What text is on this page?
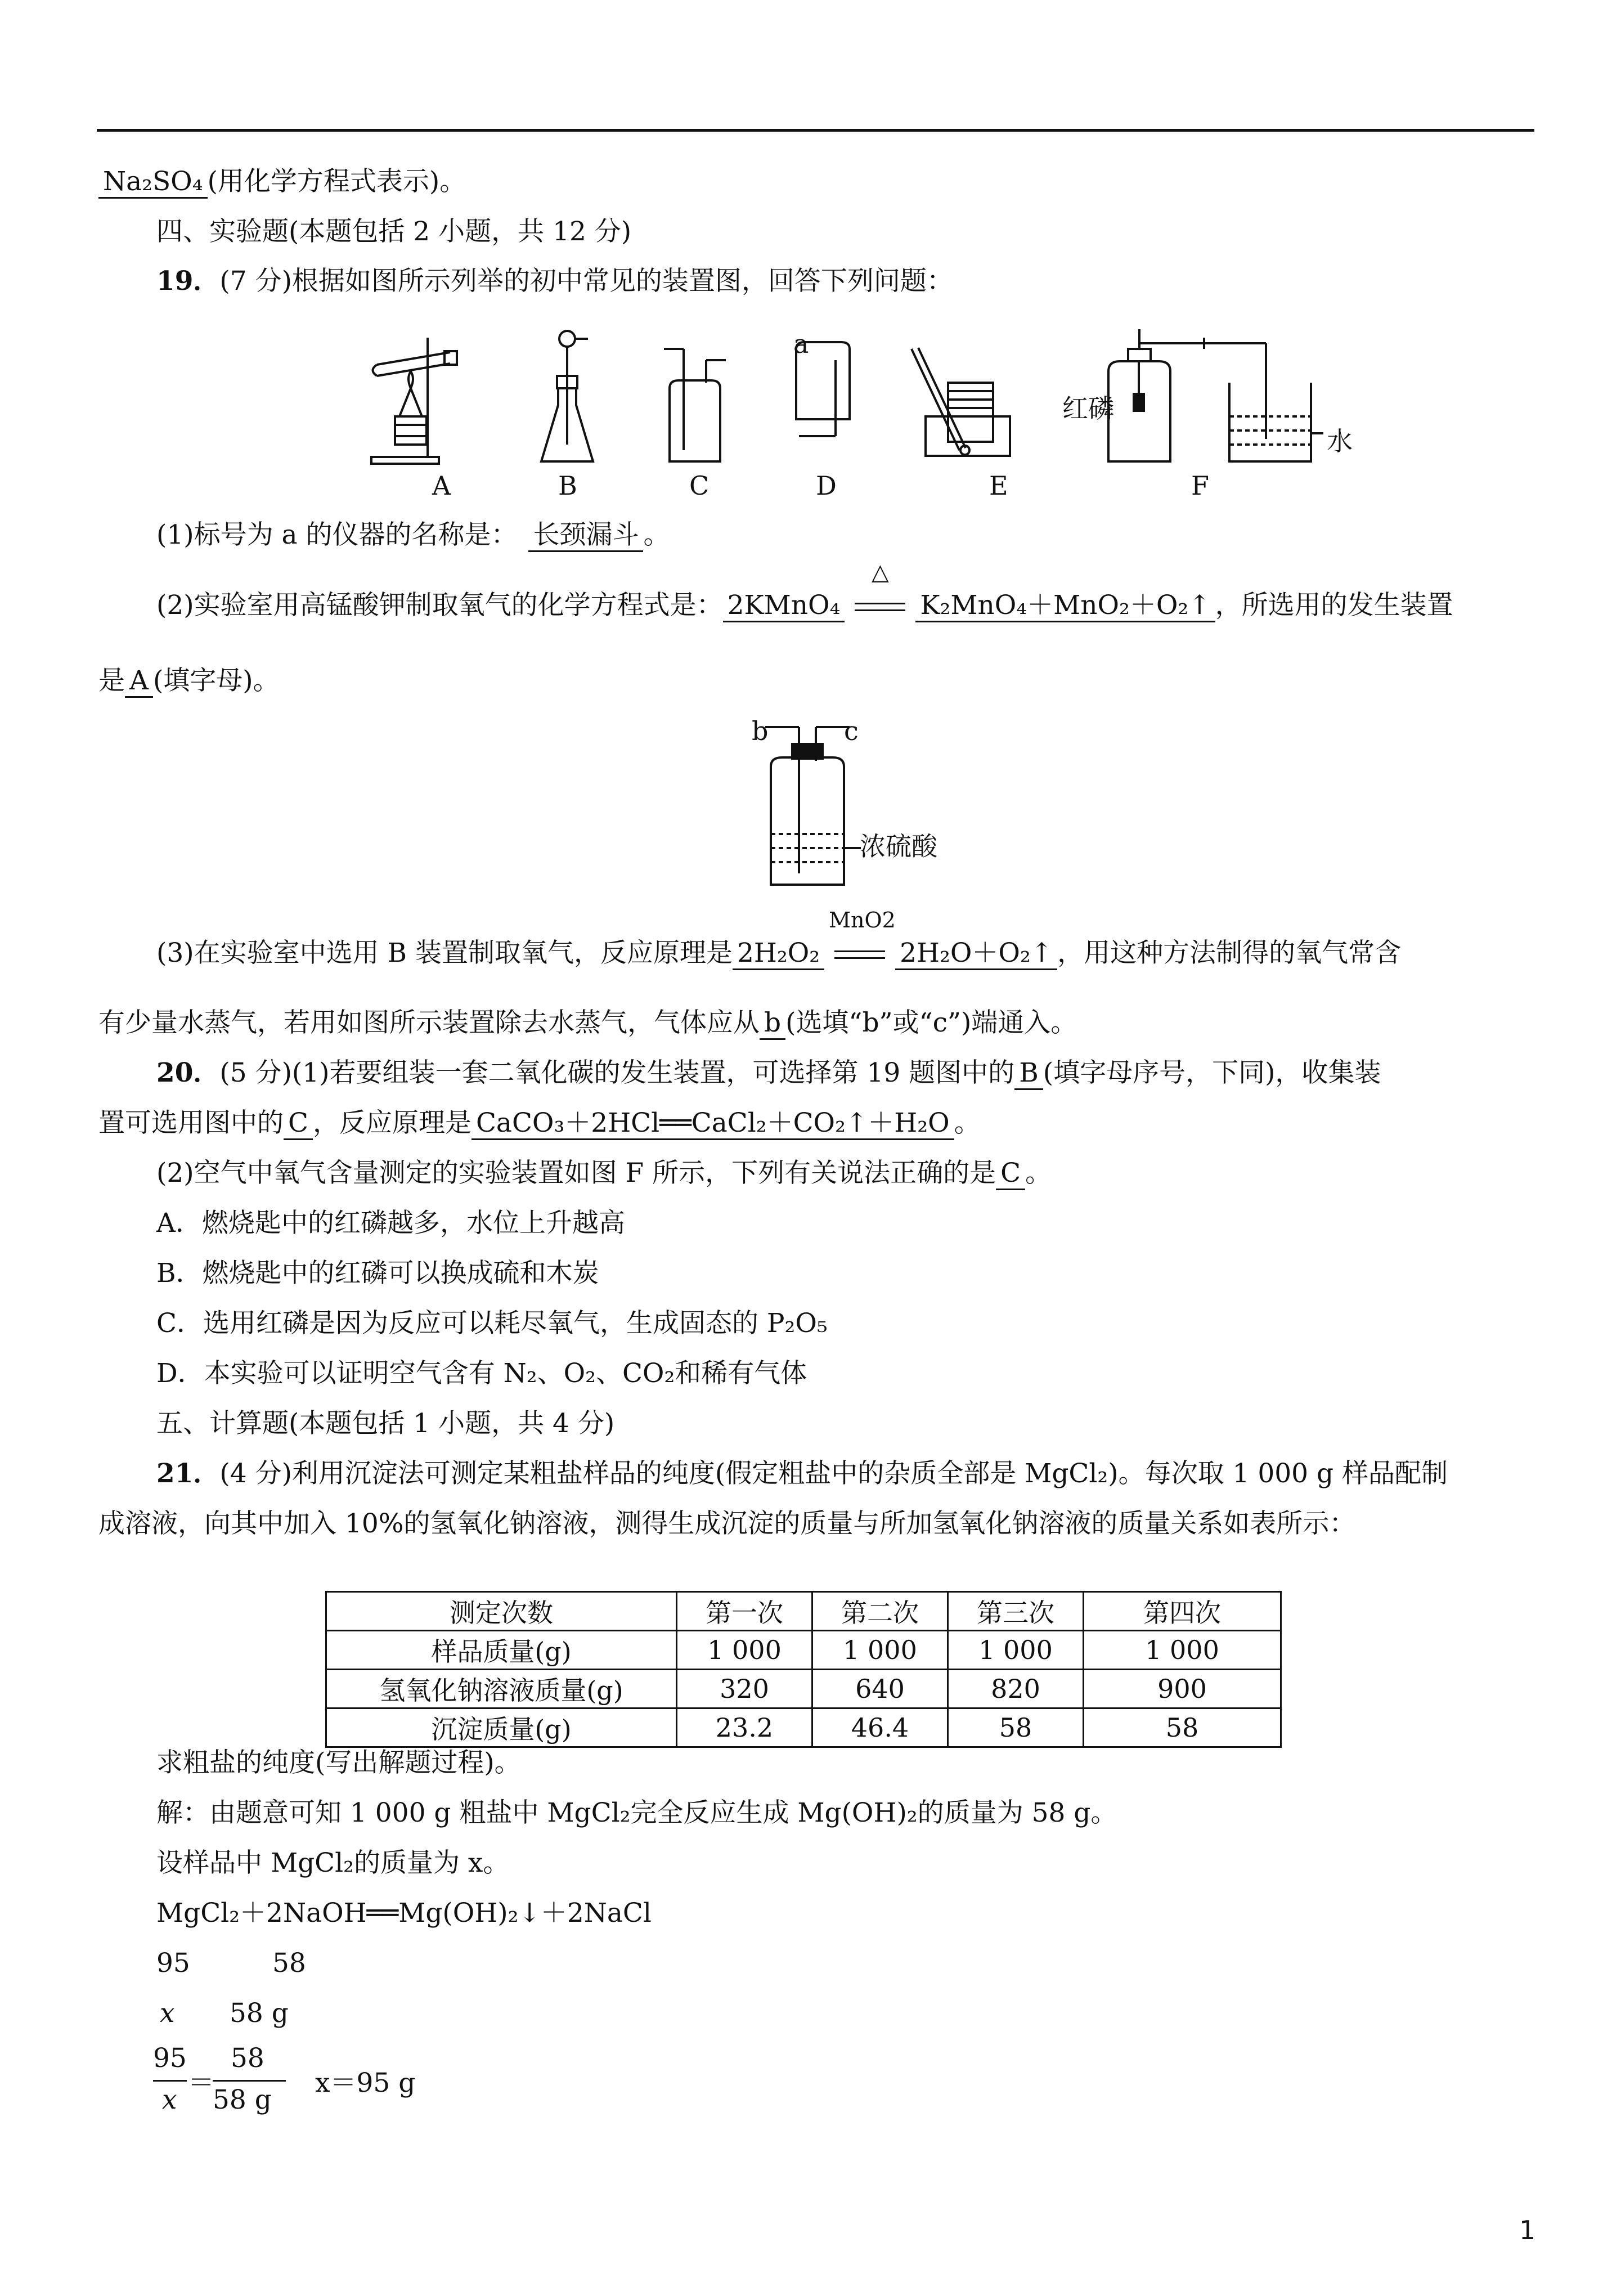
Na₂SO₄ (用化学方程式表示)。
四、实验题(本题包括 2 小题，共 12 分)
19．(7 分)根据如图所示列举的初中常见的装置图，回答下列问题：
a
红磷
水
A	B	C	D	E	F
(1)标号为 a 的仪器的名称是： 长颈漏斗 。
(2)实验室用高锰酸钾制取氧气的化学方程式是： 2KMnO₄
△
K₂MnO₄＋MnO₂＋O₂↑ ，所选用的发生装置
是 A (填字母)。
b	c
浓硫酸
(3)在实验室中选用 B 装置制取氧气，反应原理是 2H₂O₂
MnO2
2H₂O＋O₂↑ ，用这种方法制得的氧气常含
有少量水蒸气，若用如图所示装置除去水蒸气，气体应从 b (选填“b”或“c”)端通入。
20．(5 分)(1)若要组装一套二氧化碳的发生装置，可选择第 19 题图中的 B (填字母序号，下同)，收集装
置可选用图中的 C ，反应原理是 CaCO₃＋2HCl══CaCl₂＋CO₂↑＋H₂O 。
(2)空气中氧气含量测定的实验装置如图 F 所示，下列有关说法正确的是 C 。
A．燃烧匙中的红磷越多，水位上升越高
B．燃烧匙中的红磷可以换成硫和木炭
C．选用红磷是因为反应可以耗尽氧气，生成固态的 P₂O₅
D．本实验可以证明空气含有 N₂、O₂、CO₂和稀有气体
五、计算题(本题包括 1 小题，共 4 分)
21．(4 分)利用沉淀法可测定某粗盐样品的纯度(假定粗盐中的杂质全部是 MgCl₂)。每次取 1 000 g 样品配制
成溶液，向其中加入 10%的氢氧化钠溶液，测得生成沉淀的质量与所加氢氧化钠溶液的质量关系如表所示：
测定次数	第一次	第二次	第三次	第四次
样品质量(g)	1 000	1 000	1 000	1 000
氢氧化钠溶液质量(g)	320	640	820	900
沉淀质量(g)	23.2	46.4	58	58
求粗盐的纯度(写出解题过程)。
解：由题意可知 1 000 g 粗盐中 MgCl₂完全反应生成 Mg(OH)₂的质量为 58 g。
设样品中 MgCl₂的质量为 x。
MgCl₂＋2NaOH══Mg(OH)₂↓＋2NaCl
95	58
x 58 g
95
x
＝
58
58 g
x＝95 g
1
